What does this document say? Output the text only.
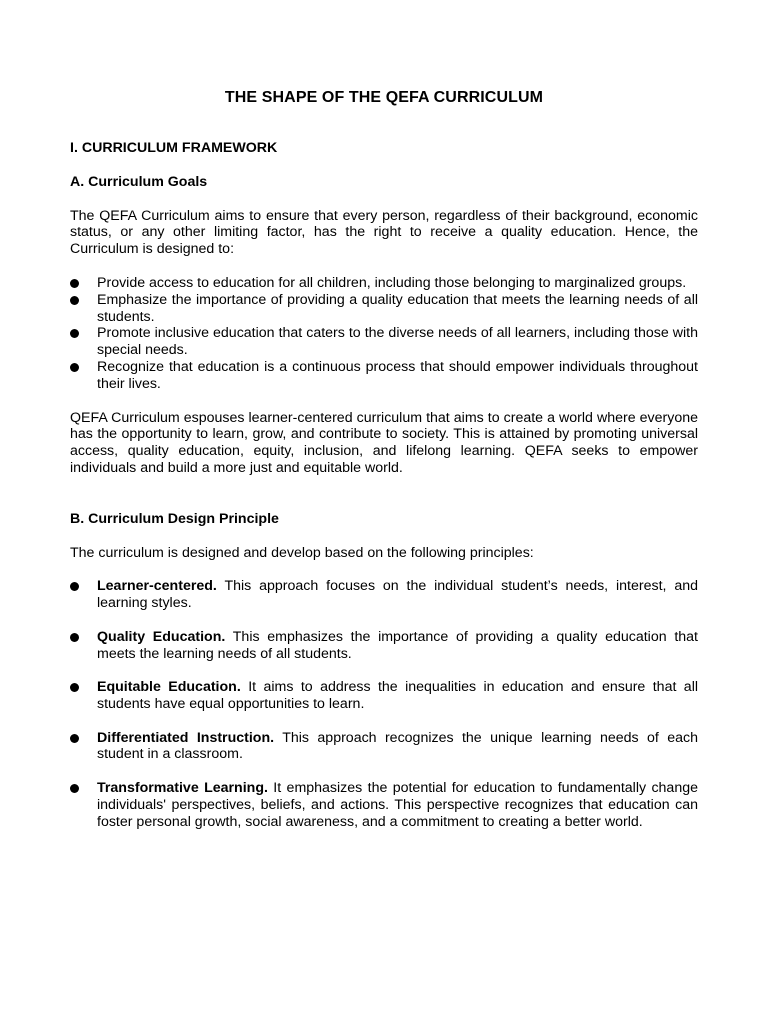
THE SHAPE OF THE QEFA CURRICULUM

I. CURRICULUM FRAMEWORK

A. Curriculum Goals

The QEFA Curriculum aims to ensure that every person, regardless of their background, economic status, or any other limiting factor, has the right to receive a quality education. Hence, the Curriculum is designed to:

Provide access to education for all children, including those belonging to marginalized groups.
Emphasize the importance of providing a quality education that meets the learning needs of all students.
Promote inclusive education that caters to the diverse needs of all learners, including those with special needs.
Recognize that education is a continuous process that should empower individuals throughout their lives.

QEFA Curriculum espouses learner-centered curriculum that aims to create a world where everyone has the opportunity to learn, grow, and contribute to society. This is attained by promoting universal access, quality education, equity, inclusion, and lifelong learning. QEFA seeks to empower individuals and build a more just and equitable world.

B. Curriculum Design Principle

The curriculum is designed and develop based on the following principles:

Learner-centered. This approach focuses on the individual student’s needs, interest, and learning styles.
Quality Education. This emphasizes the importance of providing a quality education that meets the learning needs of all students.
Equitable Education. It aims to address the inequalities in education and ensure that all students have equal opportunities to learn.
Differentiated Instruction. This approach recognizes the unique learning needs of each student in a classroom.
Transformative Learning. It emphasizes the potential for education to fundamentally change individuals' perspectives, beliefs, and actions. This perspective recognizes that education can foster personal growth, social awareness, and a commitment to creating a better world.
